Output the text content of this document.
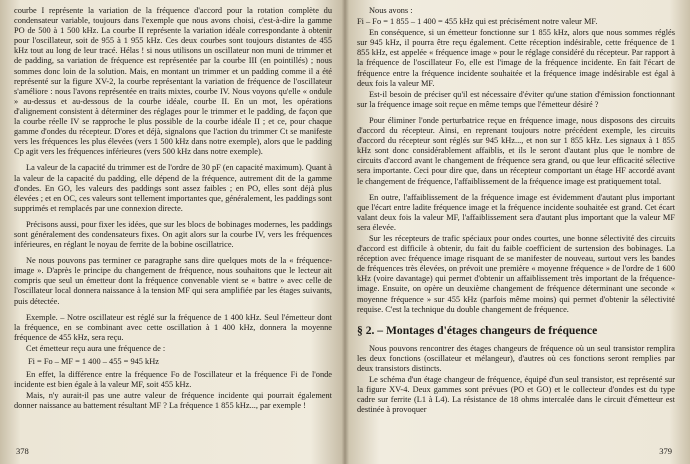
courbe I représente la variation de la fréquence d'accord pour la rotation complète du condensateur variable, toujours dans l'exemple que nous avons choisi, c'est-à-dire la gamme PO de 500 à 1 500 kHz. La courbe II représente la variation idéale correspondante à obtenir pour l'oscillateur, soit de 955 à 1 955 kHz. Ces deux courbes sont toujours distantes de 455 kHz tout au long de leur tracé. Hélas ! si nous utilisons un oscillateur non muni de trimmer et de padding, sa variation de fréquence est représentée par la courbe III (en pointillés) ; nous sommes donc loin de la solution. Mais, en montant un trimmer et un padding comme il a été représenté sur la figure XV-2, la courbe représentant la variation de fréquence de l'oscillateur s'améliore : nous l'avons représentée en traits mixtes, courbe IV. Nous voyons qu'elle « ondule » au-dessus et au-dessous de la courbe idéale, courbe II. En un mot, les opérations d'alignement consistent à déterminer des réglages pour le trimmer et le padding, de façon que la courbe réelle IV se rapproche le plus possible de la courbe idéale II ; et ce, pour chaque gamme d'ondes du récepteur. D'ores et déjà, signalons que l'action du trimmer Ct se manifeste vers les fréquences les plus élevées (vers 1 500 kHz dans notre exemple), alors que le padding Cp agit vers les fréquences inférieures (vers 500 kHz dans notre exemple).

La valeur de la capacité du trimmer est de l'ordre de 30 pF (en capacité maximum). Quant à la valeur de la capacité du padding, elle dépend de la fréquence, autrement dit de la gamme d'ondes. En GO, les valeurs des paddings sont assez faibles ; en PO, elles sont déjà plus élevées ; et en OC, ces valeurs sont tellement importantes que, généralement, les paddings sont supprimés et remplacés par une connexion directe.

Précisons aussi, pour fixer les idées, que sur les blocs de bobinages modernes, les paddings sont généralement des condensateurs fixes. On agit alors sur la courbe IV, vers les fréquences inférieures, en réglant le noyau de ferrite de la bobine oscillatrice.

Ne nous pouvons pas terminer ce paragraphe sans dire quelques mots de la « fréquence-image ». D'après le principe du changement de fréquence, nous souhaitons que le lecteur ait compris que seul un émetteur dont la fréquence convenable vient se « battre » avec celle de l'oscillateur local donnera naissance à la tension MF qui sera amplifiée par les étages suivants, puis détectée.

Exemple. – Notre oscillateur est réglé sur la fréquence de 1 400 kHz. Seul l'émetteur dont la fréquence, en se combinant avec cette oscillation à 1 400 kHz, donnera la moyenne fréquence de 455 kHz, sera reçu.

Cet émetteur reçu aura une fréquence de :

Fi = Fo – MF = 1 400 – 455 = 945 kHz

En effet, la différence entre la fréquence Fo de l'oscillateur et la fréquence Fi de l'onde incidente est bien égale à la valeur MF, soit 455 kHz.

Mais, n'y aurait-il pas une autre valeur de fréquence incidente qui pourrait également donner naissance au battement résultant MF ? La fréquence 1 855 kHz..., par exemple !

378

Nous avons :

Fi – Fo = 1 855 – 1 400 = 455 kHz qui est précisément notre valeur MF.

En conséquence, si un émetteur fonctionne sur 1 855 kHz, alors que nous sommes réglés sur 945 kHz, il pourra être reçu également. Cette réception indésirable, cette fréquence de 1 855 kHz, est appelée « fréquence image » pour le réglage considéré du récepteur. Par rapport à la fréquence de l'oscillateur Fo, elle est l'image de la fréquence incidente. En fait l'écart de fréquence entre la fréquence incidente souhaitée et la fréquence image indésirable est égal à deux fois la valeur MF.

Est-il besoin de préciser qu'il est nécessaire d'éviter qu'une station d'émission fonctionnant sur la fréquence image soit reçue en même temps que l'émetteur désiré ?

Pour éliminer l'onde perturbatrice reçue en fréquence image, nous disposons des circuits d'accord du récepteur. Ainsi, en reprenant toujours notre précédent exemple, les circuits d'accord du récepteur sont réglés sur 945 kHz..., et non sur 1 855 kHz. Les signaux à 1 855 kHz sont donc considérablement affaiblis, et ils le seront d'autant plus que le nombre de circuits d'accord avant le changement de fréquence sera grand, ou que leur efficacité sélective sera importante. Ceci pour dire que, dans un récepteur comportant un étage HF accordé avant le changement de fréquence, l'affaiblissement de la fréquence image est pratiquement total.

En outre, l'affaiblissement de la fréquence image est évidemment d'autant plus important que l'écart entre ladite fréquence image et la fréquence incidente souhaitée est grand. Cet écart valant deux fois la valeur MF, l'affaiblissement sera d'autant plus important que la valeur MF sera élevée.

Sur les récepteurs de trafic spéciaux pour ondes courtes, une bonne sélectivité des circuits d'accord est difficile à obtenir, du fait du faible coefficient de surtension des bobinages. La réception avec fréquence image risquant de se manifester de nouveau, surtout vers les bandes de fréquences très élevées, on prévoit une première « moyenne fréquence » de l'ordre de 1 600 kHz (voire davantage) qui permet d'obtenir un affaiblissement très important de la fréquence-image. Ensuite, on opère un deuxième changement de fréquence déterminant une seconde « moyenne fréquence » sur 455 kHz (parfois même moins) qui permet d'obtenir la sélectivité requise. C'est la technique du double changement de fréquence.

§ 2. – Montages d'étages changeurs de fréquence

Nous pouvons rencontrer des étages changeurs de fréquence où un seul transistor remplira les deux fonctions (oscillateur et mélangeur), d'autres où ces fonctions seront remplies par deux transistors distincts.

Le schéma d'un étage changeur de fréquence, équipé d'un seul transistor, est représenté sur la figure XV-4. Deux gammes sont prévues (PO et GO) et le collecteur d'ondes est du type cadre sur ferrite (L1 à L4). La résistance de 18 ohms intercalée dans le circuit d'émetteur est destinée à provoquer

379
